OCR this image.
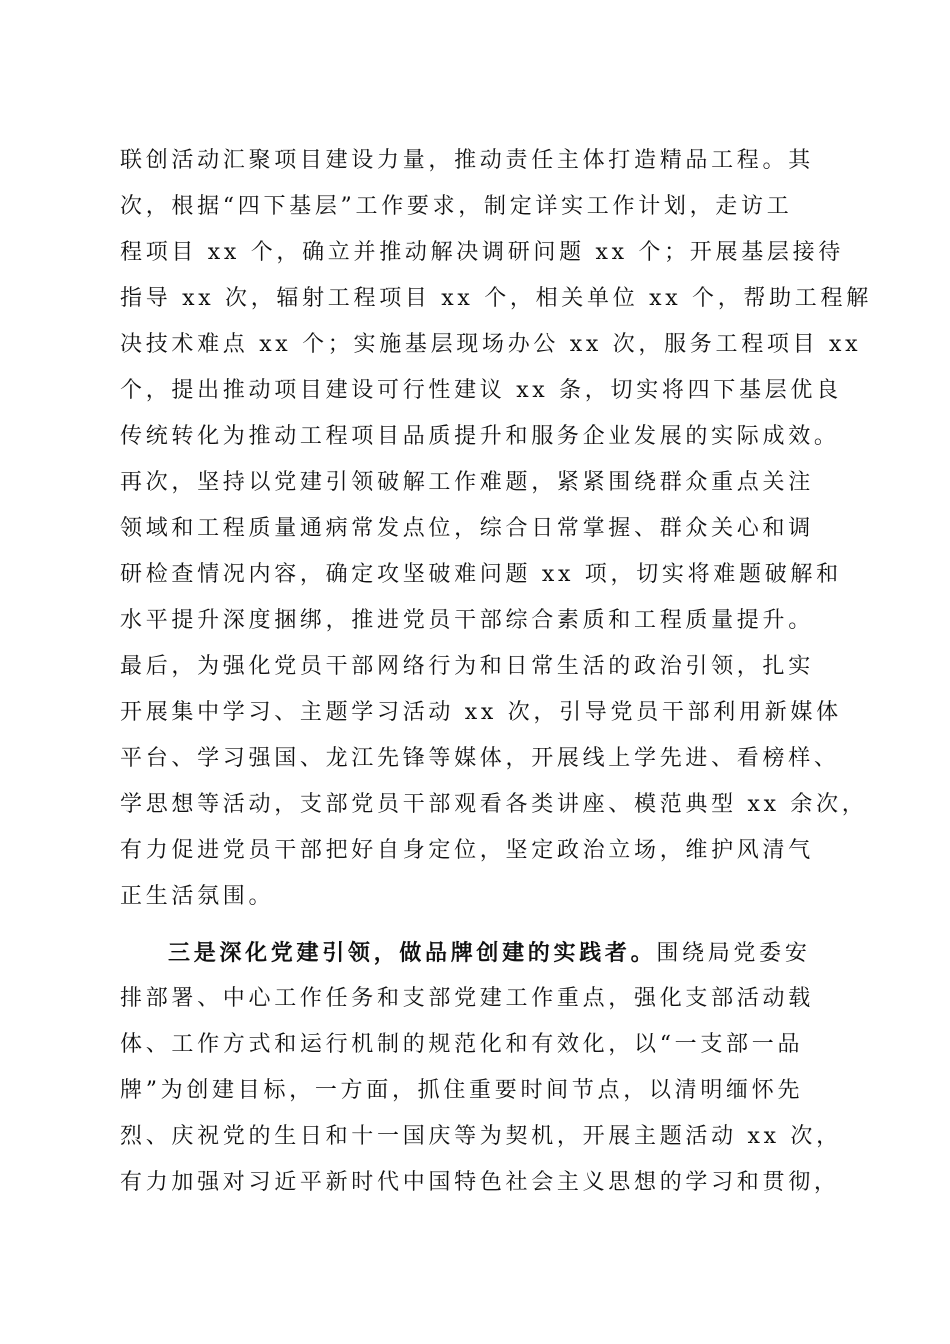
联创活动汇聚项目建设力量，推动责任主体打造精品工程。其
次，根据“四下基层”工作要求，制定详实工作计划，走访工
程项目 xx 个，确立并推动解决调研问题 xx 个；开展基层接待
指导 xx 次，辐射工程项目 xx 个，相关单位 xx 个，帮助工程解
决技术难点 xx 个；实施基层现场办公 xx 次，服务工程项目 xx
个，提出推动项目建设可行性建议 xx 条，切实将四下基层优良
传统转化为推动工程项目品质提升和服务企业发展的实际成效。
再次，坚持以党建引领破解工作难题，紧紧围绕群众重点关注
领域和工程质量通病常发点位，综合日常掌握、群众关心和调
研检查情况内容，确定攻坚破难问题 xx 项，切实将难题破解和
水平提升深度捆绑，推进党员干部综合素质和工程质量提升。
最后，为强化党员干部网络行为和日常生活的政治引领，扎实
开展集中学习、主题学习活动 xx 次，引导党员干部利用新媒体
平台、学习强国、龙江先锋等媒体，开展线上学先进、看榜样、
学思想等活动，支部党员干部观看各类讲座、模范典型 xx 余次，
有力促进党员干部把好自身定位，坚定政治立场，维护风清气
正生活氛围。
三是深化党建引领，做品牌创建的实践者。围绕局党委安
排部署、中心工作任务和支部党建工作重点，强化支部活动载
体、工作方式和运行机制的规范化和有效化，以“一支部一品
牌”为创建目标，一方面，抓住重要时间节点，以清明缅怀先
烈、庆祝党的生日和十一国庆等为契机，开展主题活动 xx 次，
有力加强对习近平新时代中国特色社会主义思想的学习和贯彻，
